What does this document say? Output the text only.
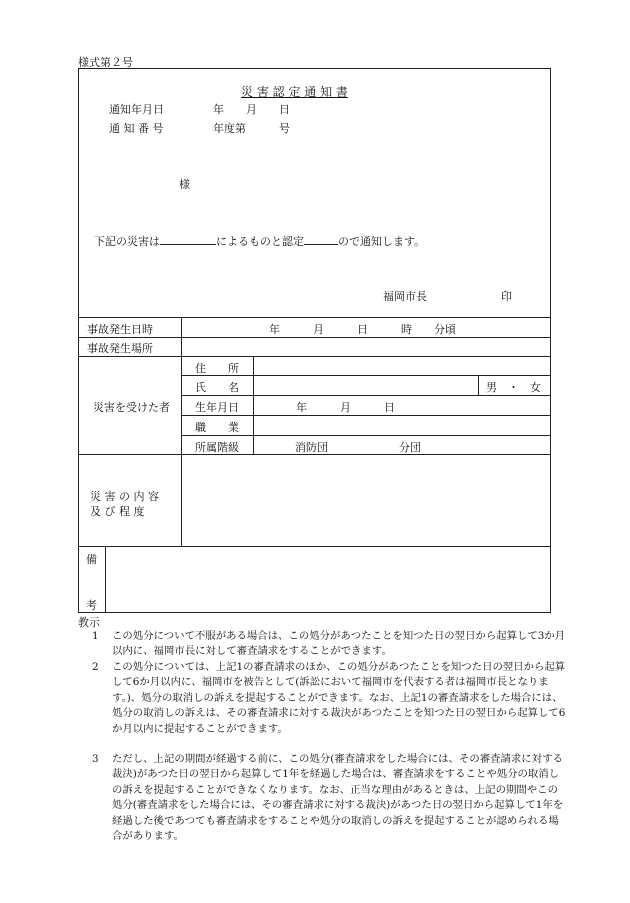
様式第２号
災 害 認 定 通 知 書
通知年月日	年　　月　　日
通 知 番 号	年度第　　　号
様
下記の災害は	によるものと認定	ので通知します。
福岡市長	印
事故発生日時	年　　　月　　　日　　　時　　分頃
事故発生場所
災害を受けた者
住　　所
氏　　名	男　・　女
生年月日	年　　　月　　　日
職　　業
所属階級	消防団	分団
災 害 の 内 容
及 び 程 度
備
考
教示
1 この処分について不服がある場合は、この処分があつたことを知つた日の翌日から起算して3か月以内に、福岡市長に対して審査請求をすることができます。
2 この処分については、上記1の審査請求のほか、この処分があつたことを知つた日の翌日から起算して6か月以内に、福岡市を被告として(訴訟において福岡市を代表する者は福岡市長となります。)、処分の取消しの訴えを提起することができます。なお、上記1の審査請求をした場合には、処分の取消しの訴えは、その審査請求に対する裁決があつたことを知つた日の翌日から起算して6か月以内に提起することができます。
3 ただし、上記の期間が経過する前に、この処分(審査請求をした場合には、その審査請求に対する裁決)があつた日の翌日から起算して1年を経過した場合は、審査請求をすることや処分の取消しの訴えを提起することができなくなります。なお、正当な理由があるときは、上記の期間やこの処分(審査請求をした場合には、その審査請求に対する裁決)があつた日の翌日から起算して1年を経過した後であつても審査請求をすることや処分の取消しの訴えを提起することが認められる場合があります。
